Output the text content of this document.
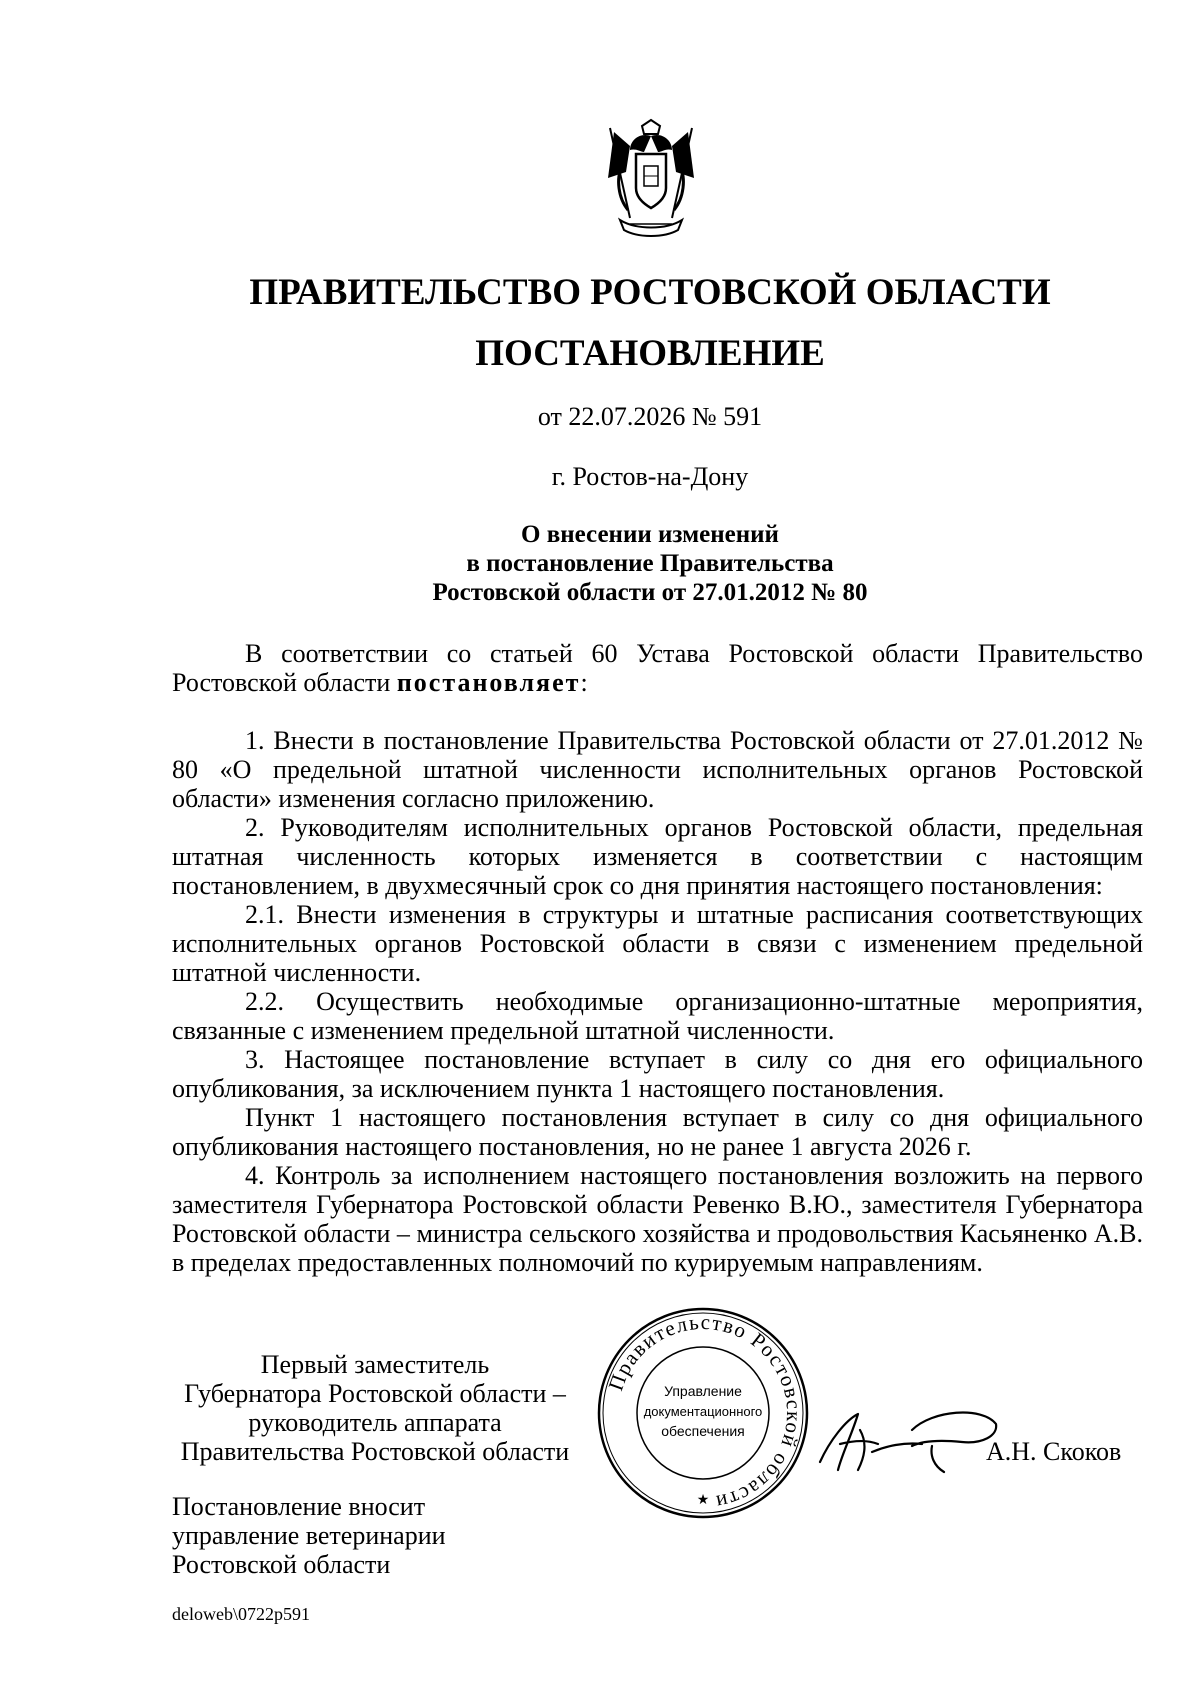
ПРАВИТЕЛЬСТВО РОСТОВСКОЙ ОБЛАСТИ
ПОСТАНОВЛЕНИЕ

от 22.07.2026 № 591

г. Ростов-на-Дону

О внесении изменений
в постановление Правительства
Ростовской области от 27.01.2012 № 80

В соответствии со статьей 60 Устава Ростовской области Правительство Ростовской области постановляет:

1. Внести в постановление Правительства Ростовской области от 27.01.2012 № 80 «О предельной штатной численности исполнительных органов Ростовской области» изменения согласно приложению.

2. Руководителям исполнительных органов Ростовской области, предельная штатная численность которых изменяется в соответствии с настоящим постановлением, в двухмесячный срок со дня принятия настоящего постановления:

2.1. Внести изменения в структуры и штатные расписания соответствующих исполнительных органов Ростовской области в связи с изменением предельной штатной численности.

2.2. Осуществить необходимые организационно-штатные мероприятия, связанные с изменением предельной штатной численности.

3. Настоящее постановление вступает в силу со дня его официального опубликования, за исключением пункта 1 настоящего постановления.

Пункт 1 настоящего постановления вступает в силу со дня официального опубликования настоящего постановления, но не ранее 1 августа 2026 г.

4. Контроль за исполнением настоящего постановления возложить на первого заместителя Губернатора Ростовской области Ревенко В.Ю., заместителя Губернатора Ростовской области – министра сельского хозяйства и продовольствия Касьяненко А.В. в пределах предоставленных полномочий по курируемым направлениям.

Первый заместитель
Губернатора Ростовской области –
руководитель аппарата
Правительства Ростовской области
Правительство Ростовской области
Управление
документационного
обеспечения
★

А.Н. Скоков

Постановление вносит
управление ветеринарии
Ростовской области

deloweb\0722p591
